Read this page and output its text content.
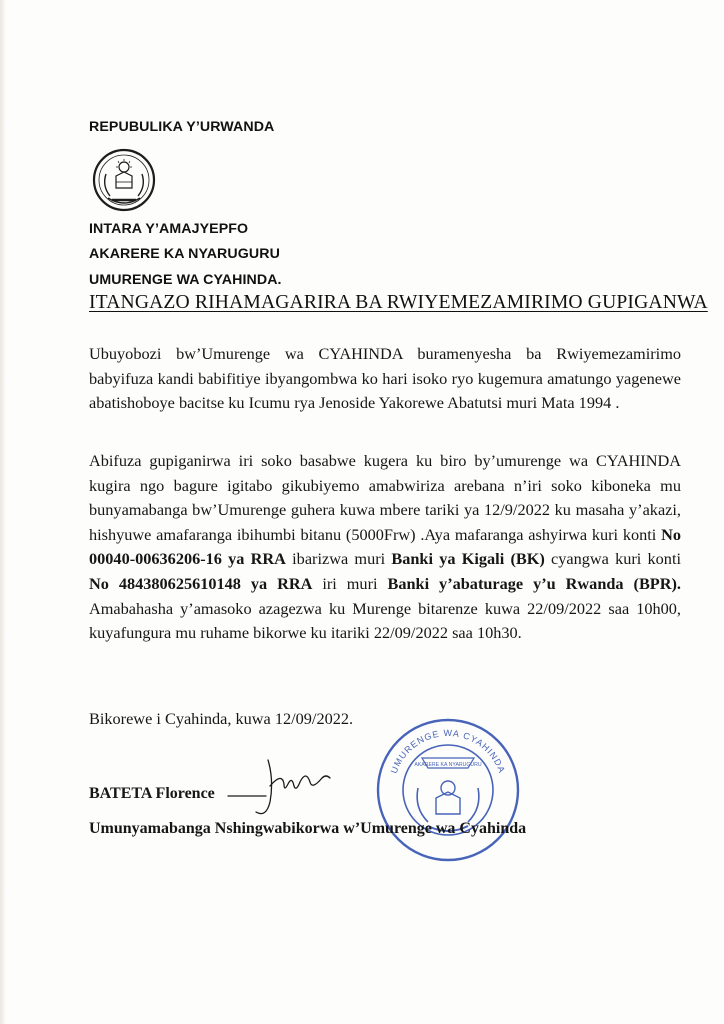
REPUBULIKA Y’URWANDA
INTARA Y’AMAJYEPFO
AKARERE KA NYARUGURU
UMURENGE WA CYAHINDA.
ITANGAZO RIHAMAGARIRA BA RWIYEMEZAMIRIMO GUPIGANWA
Ubuyobozi bw’Umurenge wa CYAHINDA buramenyesha ba Rwiyemezamirimo babyifuza kandi babifitiye ibyangombwa ko hari isoko ryo kugemura amatungo yagenewe abatishoboye bacitse ku Icumu rya Jenoside Yakorewe Abatutsi muri Mata 1994 .
Abifuza gupiganirwa iri soko basabwe kugera ku biro by’umurenge wa CYAHINDA kugira ngo bagure igitabo gikubiyemo amabwiriza arebana n’iri soko kiboneka mu bunyamabanga bw’Umurenge guhera kuwa mbere tariki ya 12/9/2022 ku masaha y’akazi, hishyuwe amafaranga ibihumbi bitanu (5000Frw) .Aya mafaranga ashyirwa kuri konti No 00040-00636206-16 ya RRA ibarizwa muri Banki ya Kigali (BK) cyangwa kuri konti No 484380625610148 ya RRA iri muri Banki y’abaturage y’u Rwanda (BPR). Amabahasha y’amasoko azagezwa ku Murenge bitarenze kuwa 22/09/2022 saa 10h00, kuyafungura mu ruhame bikorwe ku itariki 22/09/2022 saa 10h30.
Bikorewe i Cyahinda, kuwa 12/09/2022.
UMURENGE WA CYAHINDA
AKARERE KA NYARUGURU
BATETA Florence
Umunyamabanga Nshingwabikorwa w’Umurenge wa Cyahinda
